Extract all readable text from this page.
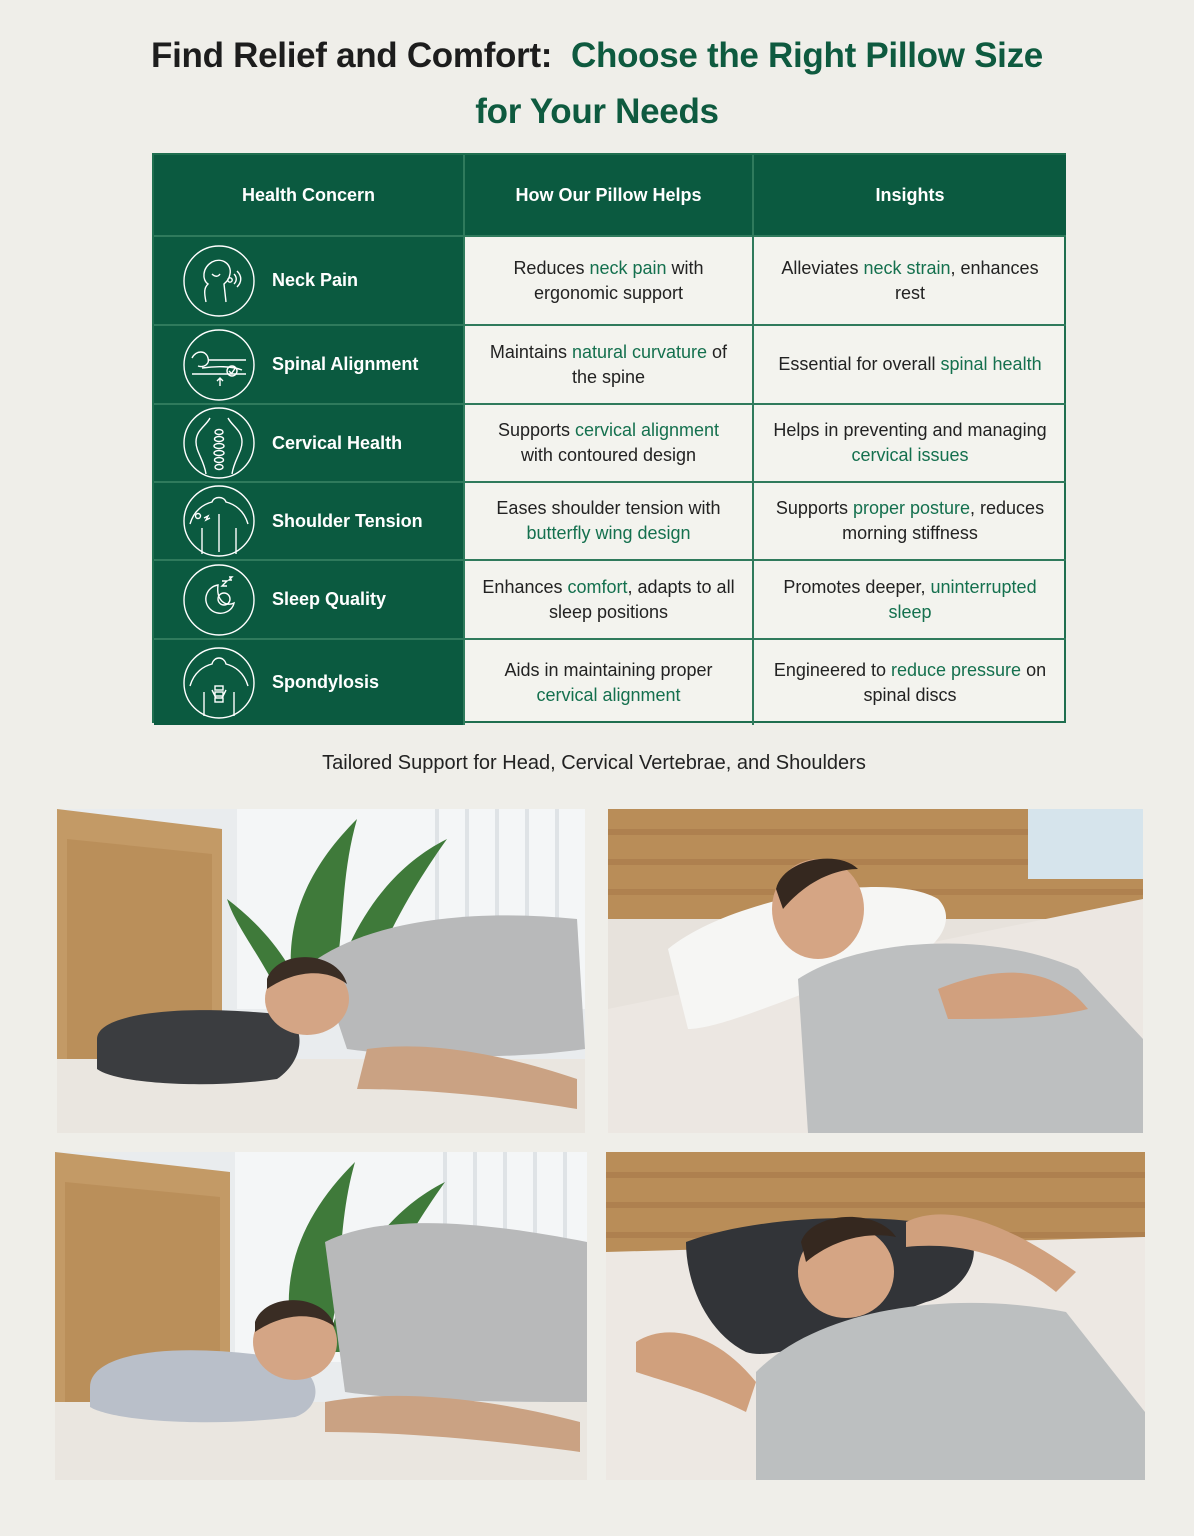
Find Relief and Comfort: Choose the Right Pillow Size
for Your Needs
Health Concern	How Our Pillow Helps	Insights
Neck Pain
Reduces neck pain with ergonomic support
Alleviates neck strain, enhances rest
Spinal Alignment
Maintains natural curvature of the spine
Essential for overall spinal health
Cervical Health
Supports cervical alignment with contoured design
Helps in preventing and managing cervical issues
Shoulder Tension
Eases shoulder tension with butterfly wing design
Supports proper posture, reduces morning stiffness
Sleep Quality
Enhances comfort, adapts to all sleep positions
Promotes deeper, uninterrupted sleep
Spondylosis
Aids in maintaining proper cervical alignment
Engineered to reduce pressure on spinal discs
Tailored Support for Head, Cervical Vertebrae, and Shoulders
